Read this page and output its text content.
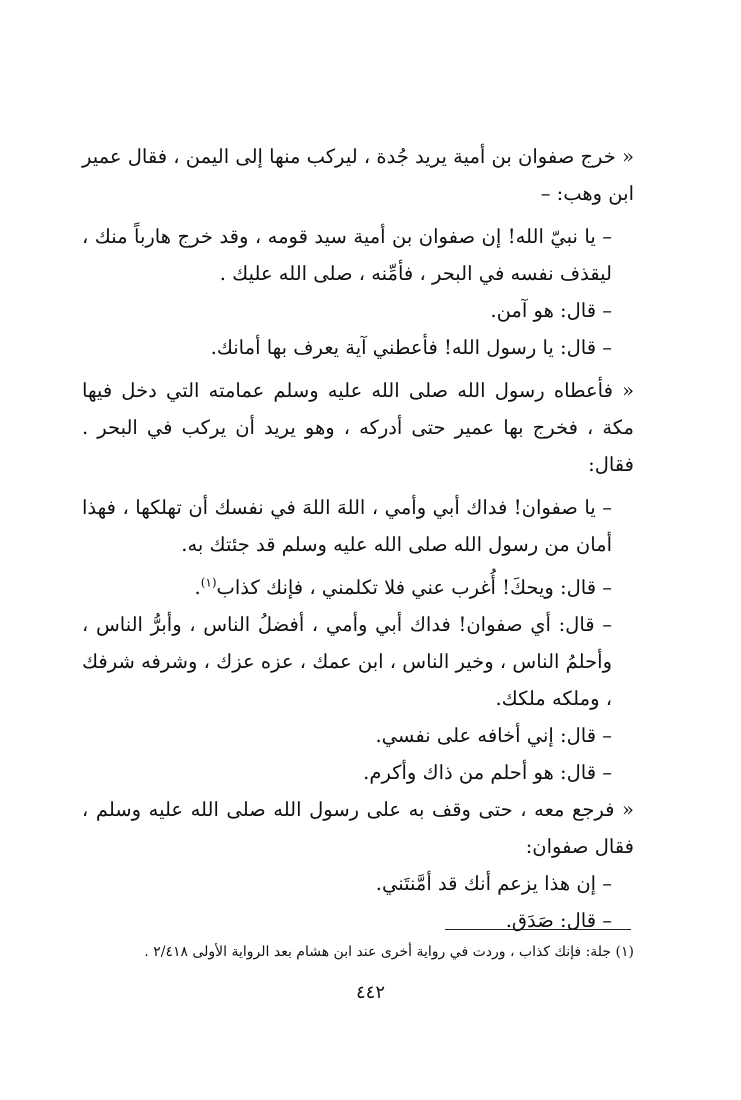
« خرج صفوان بن أمية يريد جُدة ، ليركب منها إلى اليمن ، فقال عمير ابن وهب: –

– يا نبيّ الله! إن صفوان بن أمية سيد قومه ، وقد خرج هارباً منك ، ليقذف نفسه في البحر ، فأمِّنه ، صلى الله عليك .

– قال: هو آمن.

– قال: يا رسول الله! فأعطني آية يعرف بها أمانك.

« فأعطاه رسول الله صلى الله عليه وسلم عمامته التي دخل فيها مكة ، فخرج بها عمير حتى أدركه ، وهو يريد أن يركب في البحر . فقال:

– يا صفوان! فداك أبي وأمي ، اللهَ اللهَ في نفسك أن تهلكها ، فهذا أمان من رسول الله صلى الله عليه وسلم قد جئتك به.

– قال: ويحكَ! أُغرب عني فلا تكلمني ، فإنك كذاب$^{(١)}$.

– قال: أي صفوان! فداك أبي وأمي ، أفضلُ الناس ، وأبرُّ الناس ، وأحلمُ الناس ، وخير الناس ، ابن عمك ، عزه عزك ، وشرفه شرفك ، وملكه ملكك.

– قال: إني أخافه على نفسي.

– قال: هو أحلم من ذاك وأكرم.

« فرجع معه ، حتى وقف به على رسول الله صلى الله عليه وسلم ، فقال صفوان:

– إن هذا يزعم أنك قد أمَّنتَني.

– قال: صَدَق.

(١) جلة: فإنك كذاب ، وردت في رواية أخرى عند ابن هشام بعد الرواية الأولى ٢/٤١٨ .
٤٤٢
